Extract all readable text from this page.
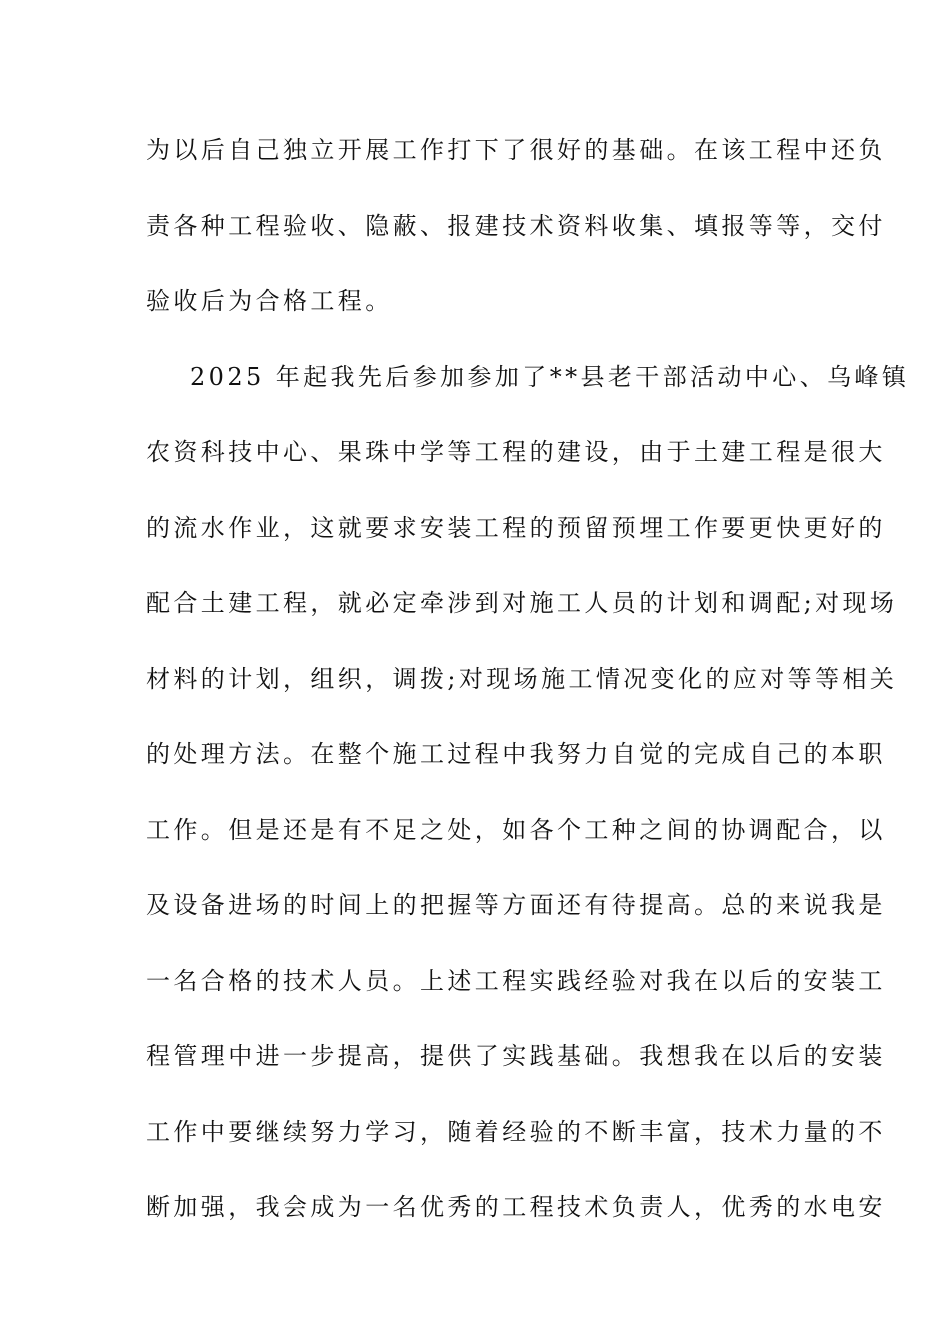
为以后自己独立开展工作打下了很好的基础。在该工程中还负
责各种工程验收、隐蔽、报建技术资料收集、填报等等，交付
验收后为合格工程。
2025 年起我先后参加参加了**县老干部活动中心、乌峰镇
农资科技中心、果珠中学等工程的建设，由于土建工程是很大
的流水作业，这就要求安装工程的预留预埋工作要更快更好的
配合土建工程，就必定牵涉到对施工人员的计划和调配;对现场
材料的计划，组织，调拨;对现场施工情况变化的应对等等相关
的处理方法。在整个施工过程中我努力自觉的完成自己的本职
工作。但是还是有不足之处，如各个工种之间的协调配合，以
及设备进场的时间上的把握等方面还有待提高。总的来说我是
一名合格的技术人员。上述工程实践经验对我在以后的安装工
程管理中进一步提高，提供了实践基础。我想我在以后的安装
工作中要继续努力学习，随着经验的不断丰富，技术力量的不
断加强，我会成为一名优秀的工程技术负责人，优秀的水电安
